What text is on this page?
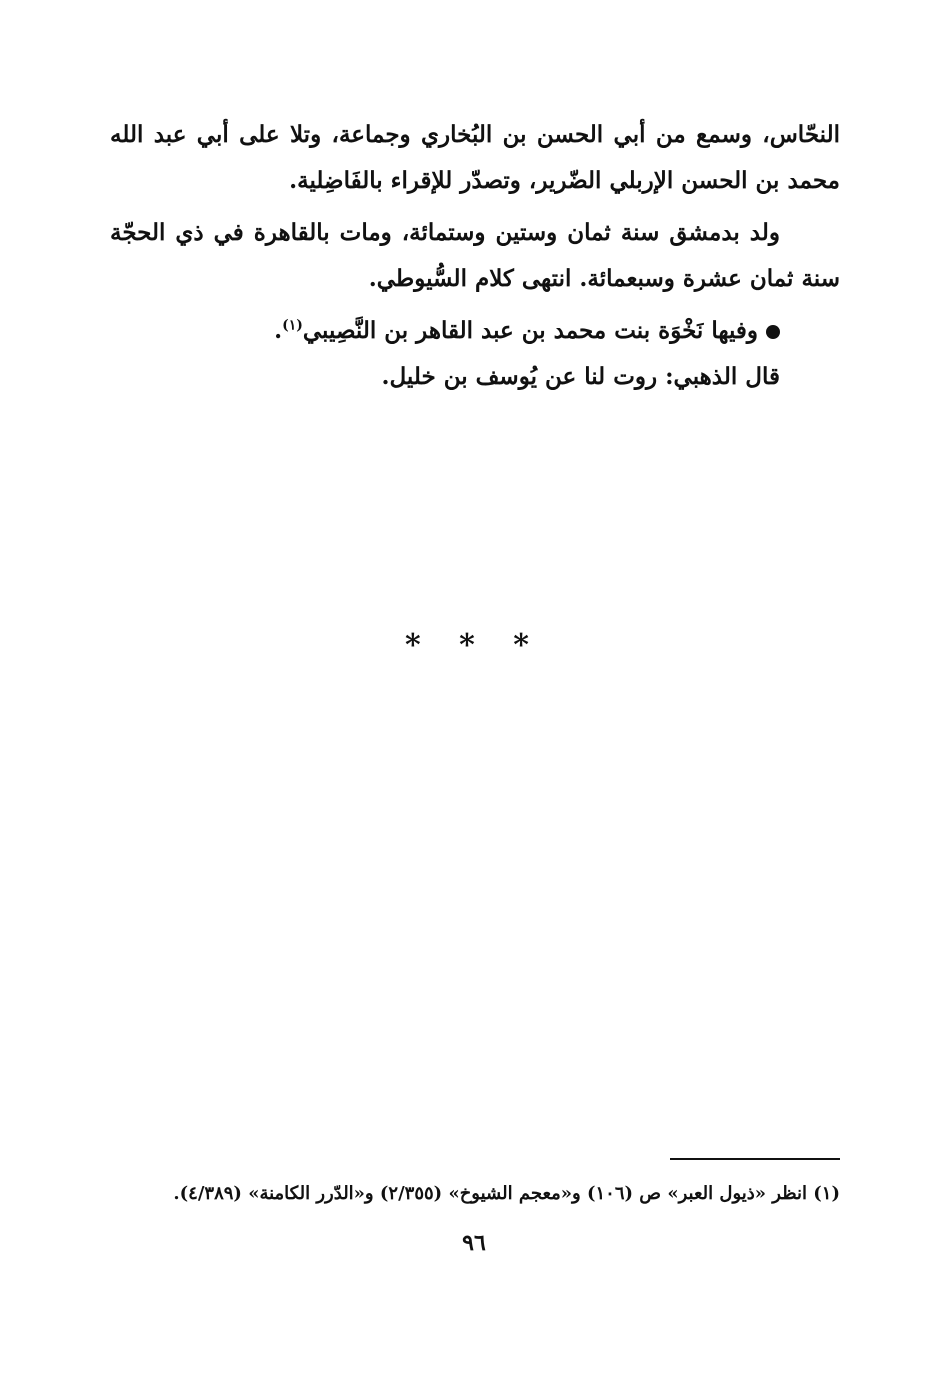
النحّاس، وسمع من أبي الحسن بن البُخاري وجماعة، وتلا على أبي عبد الله محمد بن الحسن الإربلي الضّرير، وتصدّر للإقراء بالفَاضِلية.

ولد بدمشق سنة ثمان وستين وستمائة، ومات بالقاهرة في ذي الحجّة سنة ثمان عشرة وسبعمائة. انتهى كلام السُّيوطي.

وفيها نَخْوَة بنت محمد بن عبد القاهر بن النَّصِيبي$^{(١)}$.

قال الذهبي: روت لنا عن يُوسف بن خليل.

* * *

(١) انظر «ذيول العبر» ص (١٠٦) و«معجم الشيوخ» (٢/٣٥٥) و«الدّرر الكامنة» (٤/٣٨٩).

٩٦
